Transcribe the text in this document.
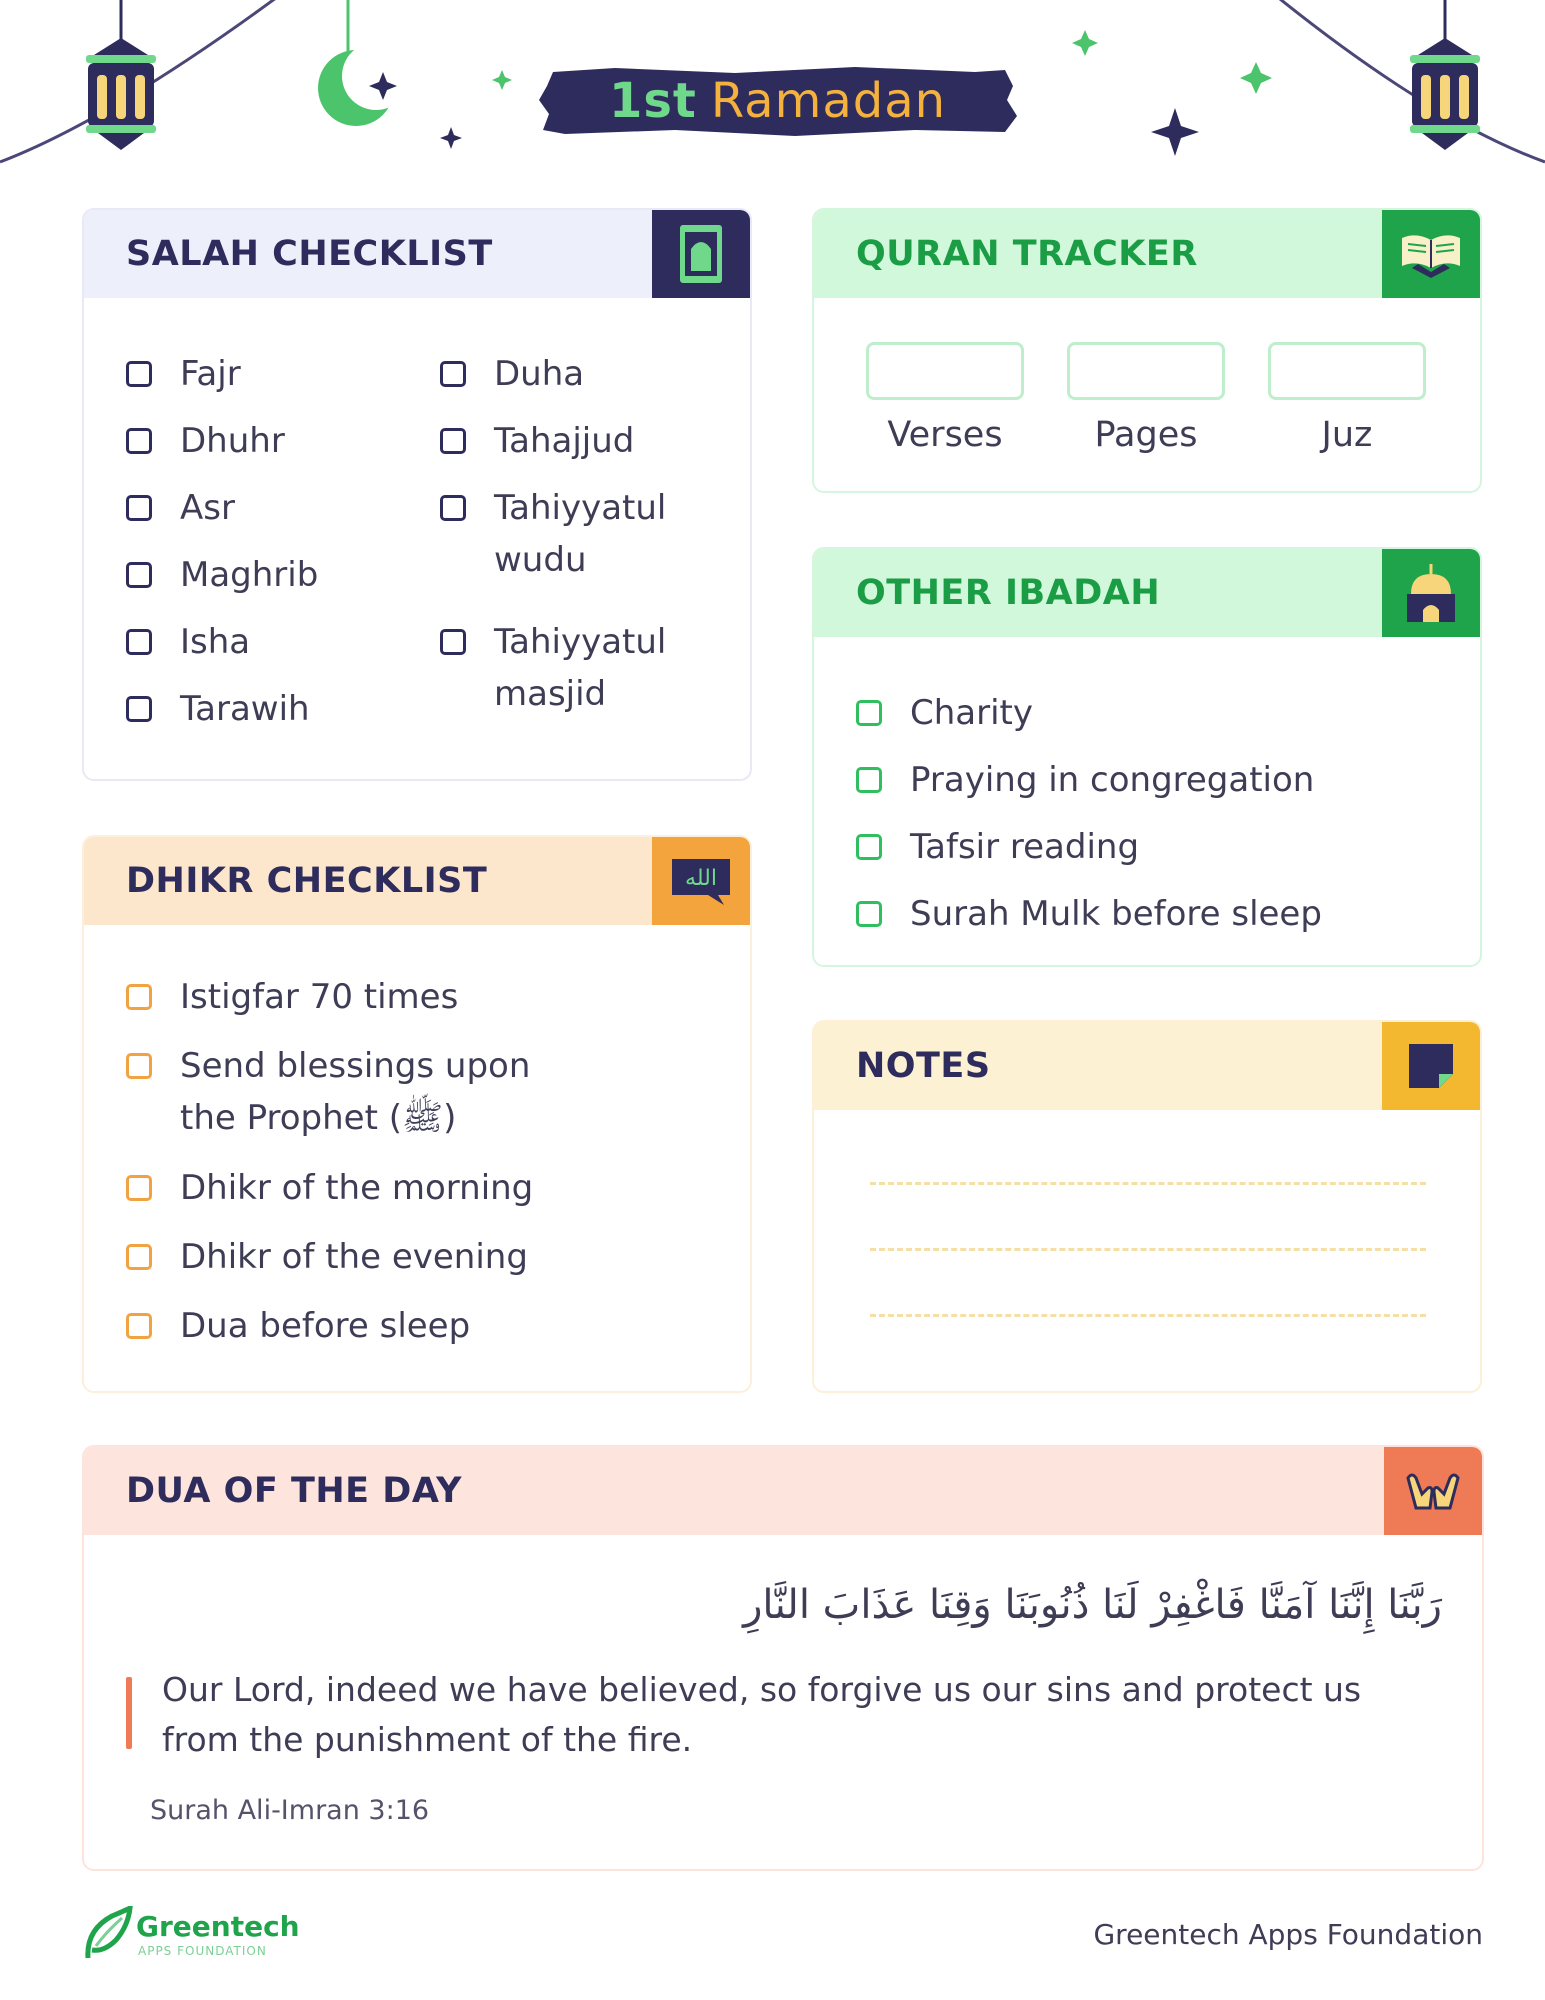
1st Ramadan
SALAH CHECKLIST
Fajr
Dhuhr
Asr
Maghrib
Isha
Tarawih
Duha
Tahajjud
Tahiyyatul wudu
Tahiyyatul masjid
QURAN TRACKER
Verses	Pages	Juz
OTHER IBADAH
Charity
Praying in congregation
Tafsir reading
Surah Mulk before sleep
DHIKR CHECKLIST	الله
Istigfar 70 times
Send blessings upon the Prophet (ﷺ)
Dhikr of the morning
Dhikr of the evening
Dua before sleep
NOTES
DUA OF THE DAY
رَبَّنَا إِنَّنَا آمَنَّا فَاغْفِرْ لَنَا ذُنُوبَنَا وَقِنَا عَذَابَ النَّارِ
Our Lord, indeed we have believed, so forgive us our sins and protect us from the punishment of the fire.
Surah Ali-Imran 3:16
Greentech
APPS FOUNDATION	Greentech Apps Foundation
